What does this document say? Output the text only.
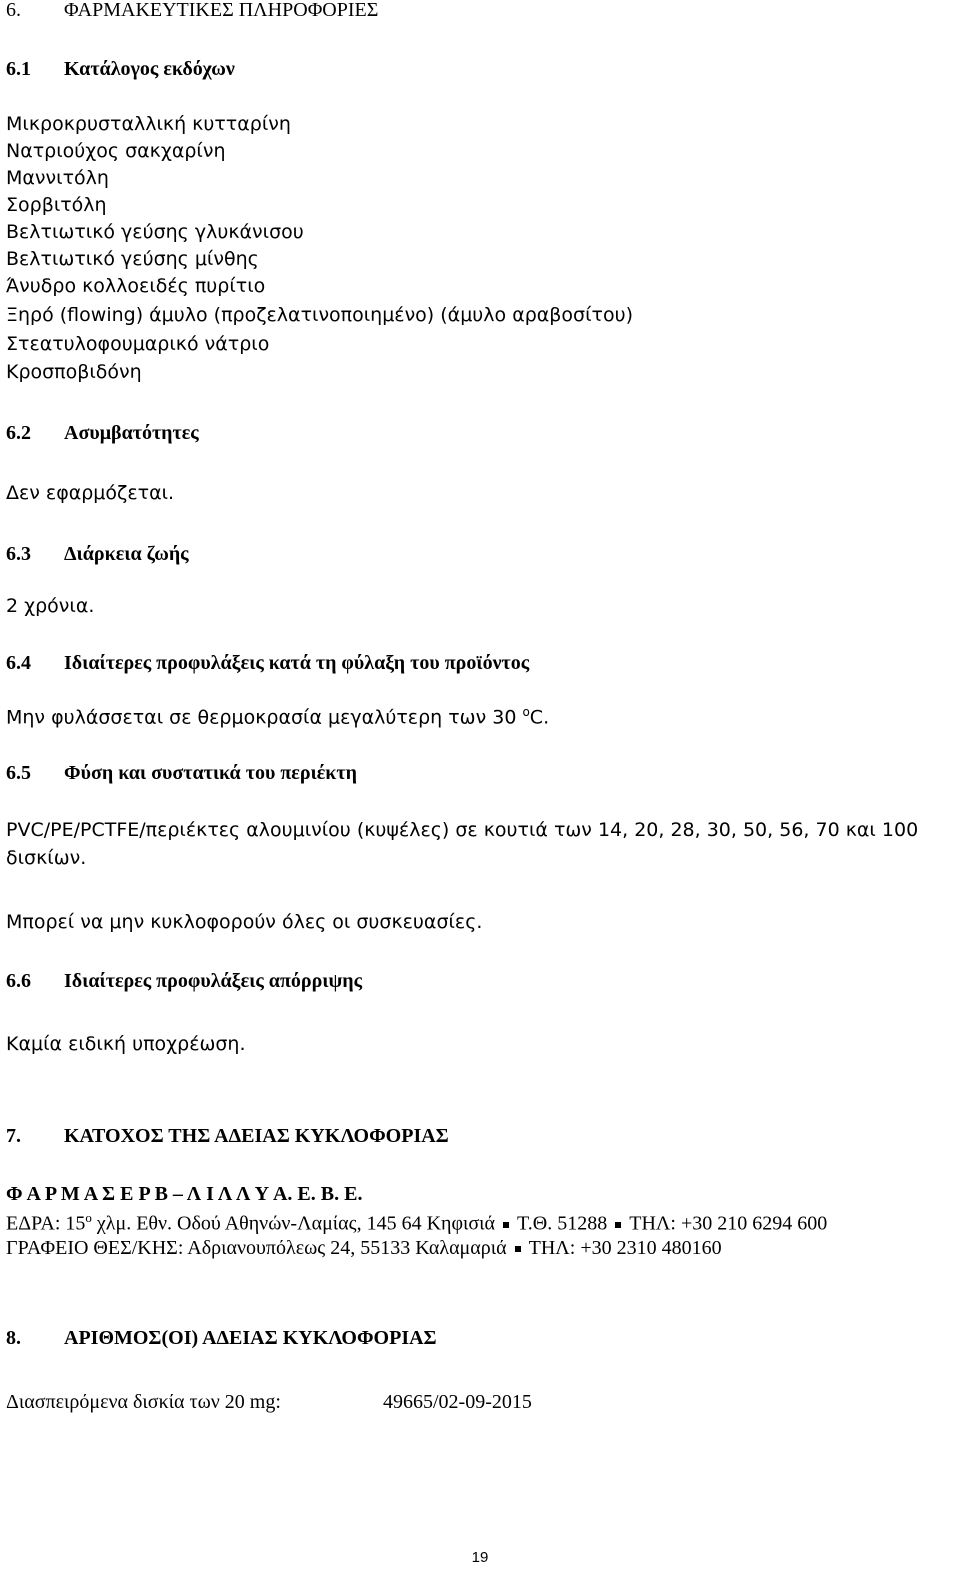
6. ΦΑΡΜΑΚΕΥΤΙΚΕΣ ΠΛΗΡΟΦΟΡΙΕΣ
6.1 Κατάλογος εκδόχων
Μικροκρυσταλλική κυτταρίνη
Νατριούχος σακχαρίνη
Μαννιτόλη
Σορβιτόλη
Βελτιωτικό γεύσης γλυκάνισου
Βελτιωτικό γεύσης μίνθης
Άνυδρο κολλοειδές πυρίτιο
Ξηρό (flowing) άμυλο (προζελατινοποιημένο) (άμυλο αραβοσίτου)
Στεατυλοφουμαρικό νάτριο
Κροσποβιδόνη
6.2 Ασυμβατότητες
Δεν εφαρμόζεται.
6.3 Διάρκεια ζωής
2 χρόνια.
6.4 Ιδιαίτερες προφυλάξεις κατά τη φύλαξη του προϊόντος
Μην φυλάσσεται σε θερμοκρασία μεγαλύτερη των 30 $^o$C.
6.5 Φύση και συστατικά του περιέκτη
PVC/PE/PCTFE/περιέκτες αλουμινίου (κυψέλες) σε κουτιά των 14, 20, 28, 30, 50, 56, 70 και 100
δισκίων.
Μπορεί να μην κυκλοφορούν όλες οι συσκευασίες.
6.6 Ιδιαίτερες προφυλάξεις απόρριψης
Καμία ειδική υποχρέωση.
7. ΚΑΤΟΧΟΣ ΤΗΣ ΑΔΕΙΑΣ ΚΥΚΛΟΦΟΡΙΑΣ
Φ Α Ρ Μ Α Σ Ε Ρ Β – Λ Ι Λ Λ Υ Α. Ε. Β. Ε.
ΕΔΡΑ: $15^o$ χλμ. Εθν. Οδού Αθηνών-Λαμίας, 145 64 Κηφισιά Τ.Θ. 51288 ΤΗΛ: +30 210 6294 600
ΓΡΑΦΕΙΟ ΘΕΣ/ΚΗΣ: Αδριανουπόλεως 24, 55133 Καλαμαριά ΤΗΛ: +30 2310 480160
8. ΑΡΙΘΜΟΣ(ΟΙ) ΑΔΕΙΑΣ ΚΥΚΛΟΦΟΡΙΑΣ
Διασπειρόμενα δισκία των 20 mg:	49665/02-09-2015
19
